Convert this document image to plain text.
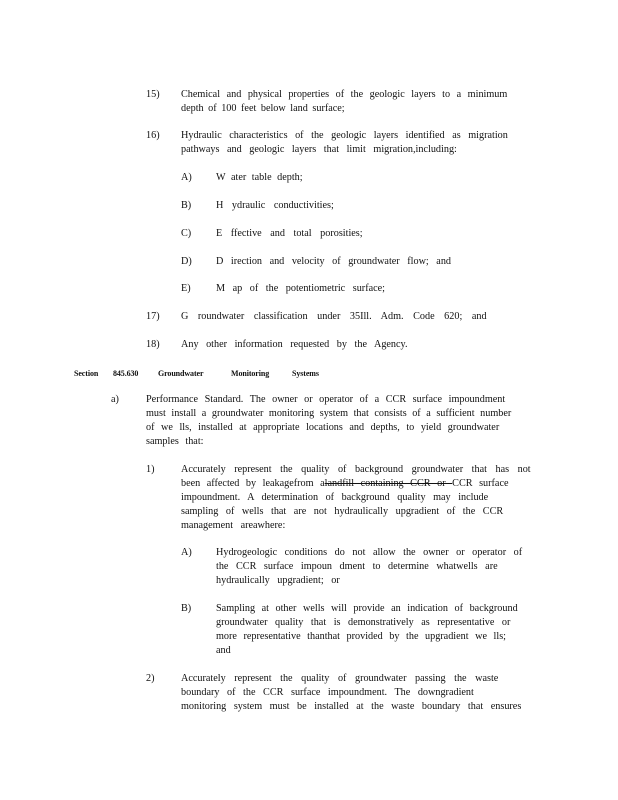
15) Chemical and physical properties of the geologic layers to a minimum
depth of 100 feet below land surface;
16) Hydraulic characteristics of the geologic layers identified as migration
pathways and geologic layers that limit migration,including:
A) W ater table depth;
B) H ydraulic conductivities;
C) E ffective and total porosities;
D) D irection and velocity of groundwater flow; and
E) M ap of the potentiometric surface;
17) G roundwater classification under 35Ill. Adm. Code 620; and
18) Any other information requested by the Agency.
Section 845.630 Groundwater	Monitoring	Systems
a)	Performance Standard. The owner or operator of a CCR surface impoundment
must install a groundwater monitoring system that consists of a sufficient number
of we lls, installed at appropriate locations and depths, to yield groundwater
samples that:
1)	Accurately represent the quality of background groundwater that has not
been affected by leakagefrom alandfill containing CCR or CCR surface
impoundment. A determination of background quality may include
sampling of wells that are not hydraulically upgradient of the CCR
management areawhere:
A) Hydrogeologic conditions do not allow the owner or operator of
the CCR surface impoun dment to determine whatwells are
hydraulically upgradient; or
B) Sampling at other wells will provide an indication of background
groundwater quality that is demonstratively as representative or
more representative thanthat provided by the upgradient we lls;
and
2)	Accurately represent the quality of groundwater passing the waste
boundary of the CCR surface impoundment. The downgradient
monitoring system must be installed at the waste boundary that ensures
